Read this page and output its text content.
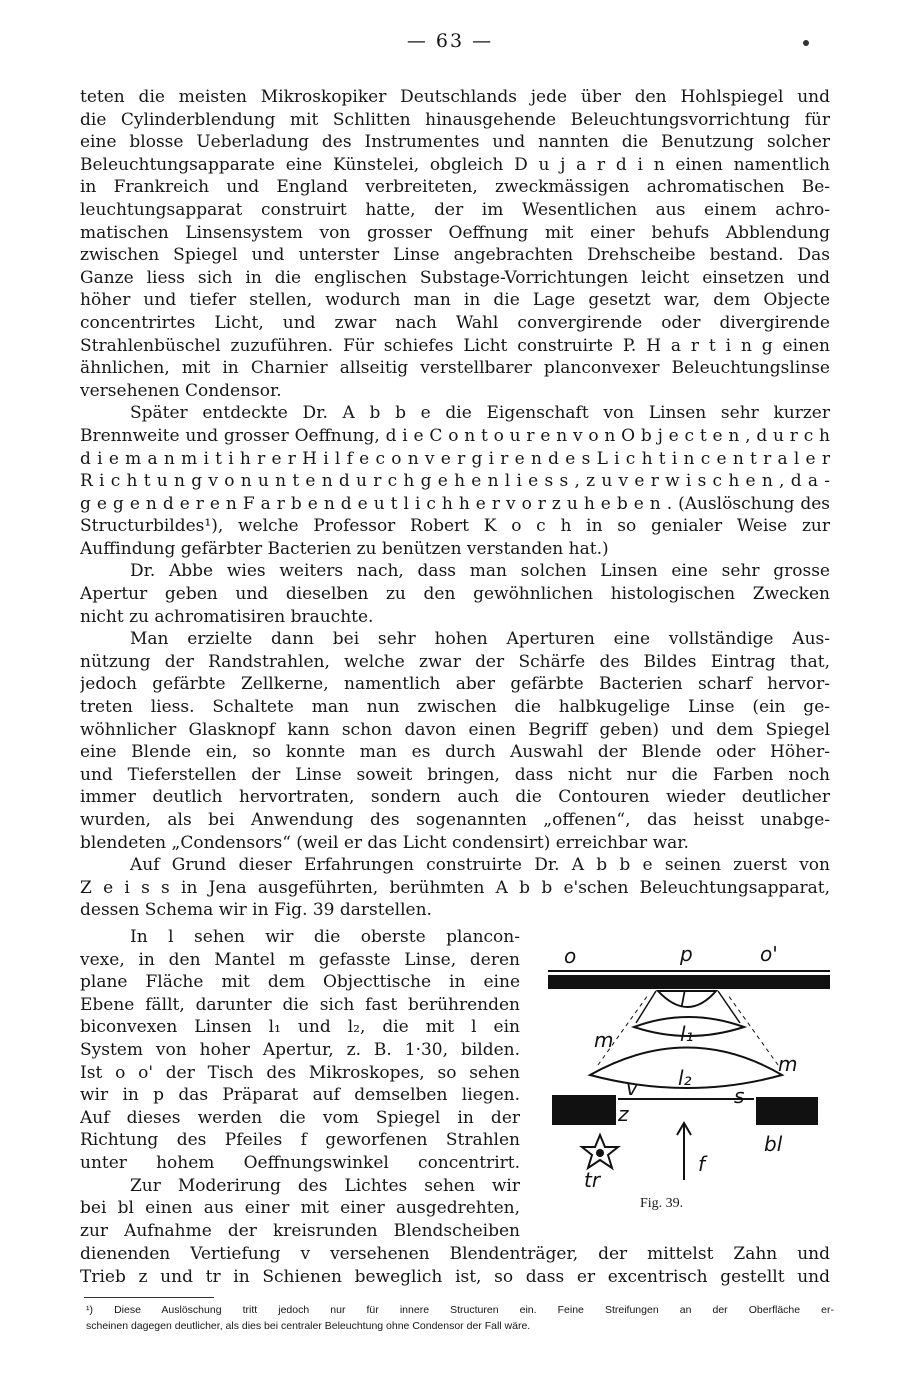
— 63 —
teten die meisten Mikroskopiker Deutschlands jede über den Hohlspiegel und
die Cylinderblendung mit Schlitten hinausgehende Beleuchtungsvorrichtung für
eine blosse Ueberladung des Instrumentes und nannten die Benutzung solcher
Beleuchtungsapparate eine Künstelei, obgleich D u j a r d i n einen namentlich
in Frankreich und England verbreiteten, zweckmässigen achromatischen Be-
leuchtungsapparat construirt hatte, der im Wesentlichen aus einem achro-
matischen Linsensystem von grosser Oeffnung mit einer behufs Abblendung
zwischen Spiegel und unterster Linse angebrachten Drehscheibe bestand. Das
Ganze liess sich in die englischen Substage-Vorrichtungen leicht einsetzen und
höher und tiefer stellen, wodurch man in die Lage gesetzt war, dem Objecte
concentrirtes Licht, und zwar nach Wahl convergirende oder divergirende
Strahlenbüschel zuzuführen. Für schiefes Licht construirte P. H a r t i n g einen
ähnlichen, mit in Charnier allseitig verstellbarer planconvexer Beleuchtungslinse
versehenen Condensor.
Später entdeckte Dr. A b b e die Eigenschaft von Linsen sehr kurzer
Brennweite und grosser Oeffnung, d i e C o n t o u r e n v o n O b j e c t e n , d u r c h
d i e m a n m i t i h r e r H i l f e c o n v e r g i r e n d e s L i c h t i n c e n t r a l e r
R i c h t u n g v o n u n t e n d u r c h g e h e n l i e s s , z u v e r w i s c h e n , d a -
g e g e n d e r e n F a r b e n d e u t l i c h h e r v o r z u h e b e n . (Auslöschung des
Structurbildes¹), welche Professor Robert K o c h in so genialer Weise zur
Auffindung gefärbter Bacterien zu benützen verstanden hat.)
Dr. Abbe wies weiters nach, dass man solchen Linsen eine sehr grosse
Apertur geben und dieselben zu den gewöhnlichen histologischen Zwecken
nicht zu achromatisiren brauchte.
Man erzielte dann bei sehr hohen Aperturen eine vollständige Aus-
nützung der Randstrahlen, welche zwar der Schärfe des Bildes Eintrag that,
jedoch gefärbte Zellkerne, namentlich aber gefärbte Bacterien scharf hervor-
treten liess. Schaltete man nun zwischen die halbkugelige Linse (ein ge-
wöhnlicher Glasknopf kann schon davon einen Begriff geben) und dem Spiegel
eine Blende ein, so konnte man es durch Auswahl der Blende oder Höher-
und Tieferstellen der Linse soweit bringen, dass nicht nur die Farben noch
immer deutlich hervortraten, sondern auch die Contouren wieder deutlicher
wurden, als bei Anwendung des sogenannten „offenen“, das heisst unabge-
blendeten „Condensors“ (weil er das Licht condensirt) erreichbar war.
Auf Grund dieser Erfahrungen construirte Dr. A b b e seinen zuerst von
Z e i s s in Jena ausgeführten, berühmten A b b e'schen Beleuchtungsapparat,
dessen Schema wir in Fig. 39 darstellen.
In l sehen wir die oberste plancon-
vexe, in den Mantel m gefasste Linse, deren
plane Fläche mit dem Objecttische in eine
Ebene fällt, darunter die sich fast berührenden
biconvexen Linsen l₁ und l₂, die mit l ein
System von hoher Apertur, z. B. 1·30, bilden.
Ist o o' der Tisch des Mikroskopes, so sehen
wir in p das Präparat auf demselben liegen.
Auf dieses werden die vom Spiegel in der
Richtung des Pfeiles f geworfenen Strahlen
unter hohem Oeffnungswinkel concentrirt.
Zur Moderirung des Lichtes sehen wir
bei bl einen aus einer mit einer ausgedrehten,
zur Aufnahme der kreisrunden Blendscheiben
dienenden Vertiefung v versehenen Blendenträger, der mittelst Zahn und
Trieb z und tr in Schienen beweglich ist, so dass er excentrisch gestellt und
o	p	o'
l
l₁
l₂
m
m
v
z
s
bl
tr
f
Fig. 39.
¹) Diese Auslöschung tritt jedoch nur für innere Structuren ein. Feine Streifungen an der Oberfläche er-
scheinen dagegen deutlicher, als dies bei centraler Beleuchtung ohne Condensor der Fall wäre.
